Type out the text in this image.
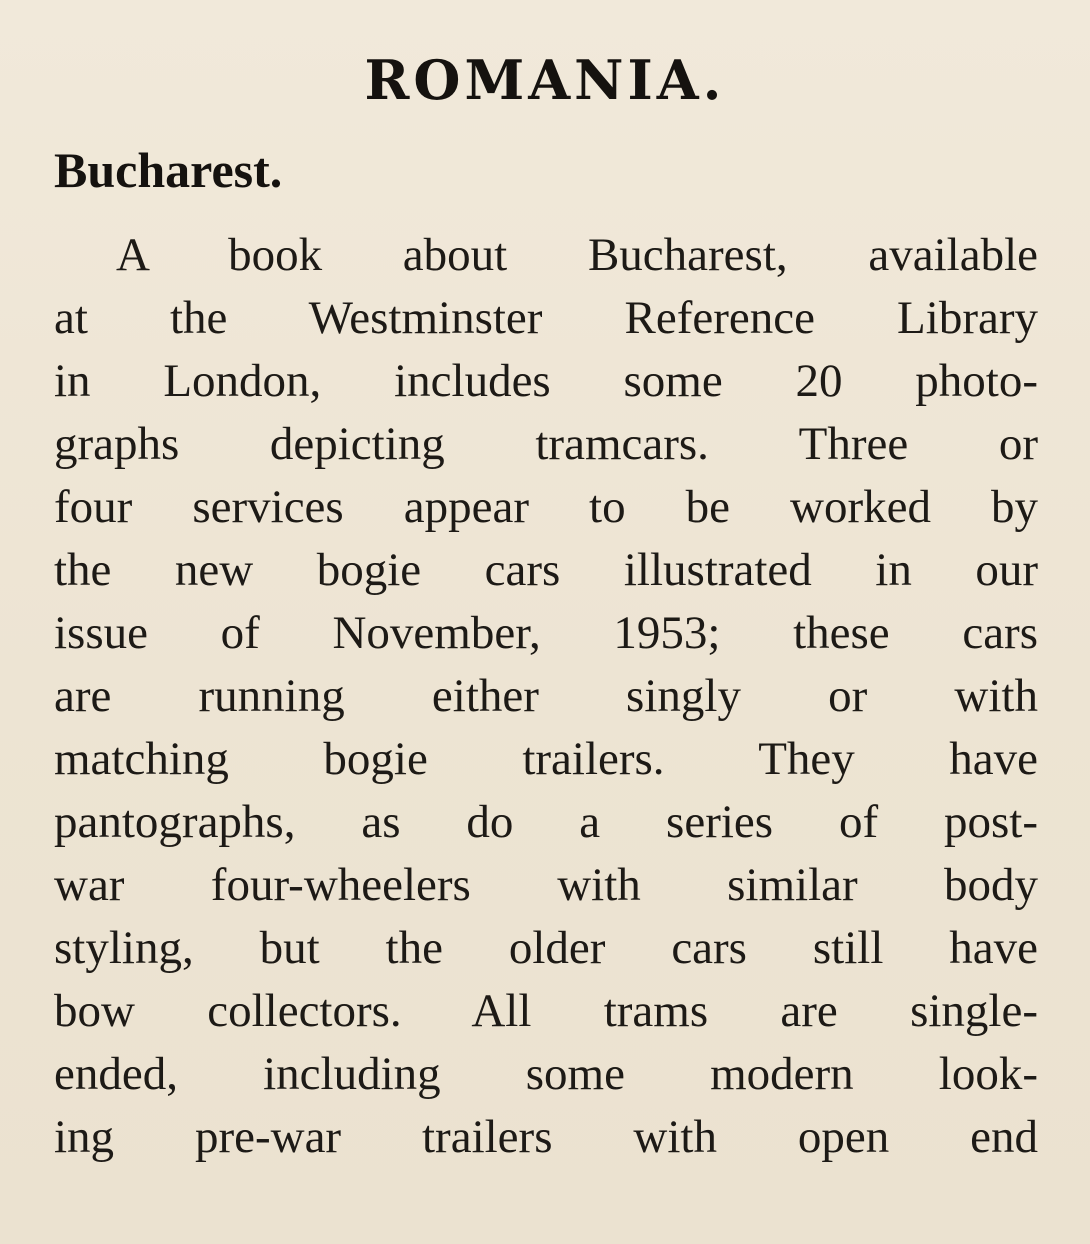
ROMANIA.
Bucharest.
A book about Bucharest, available
at the Westminster Reference Library
in London, includes some 20 photo-
graphs depicting tramcars. Three or
four services appear to be worked by
the new bogie cars illustrated in our
issue of November, 1953; these cars
are running either singly or with
matching bogie trailers. They have
pantographs, as do a series of post-
war four-wheelers with similar body
styling, but the older cars still have
bow collectors. All trams are single-
ended, including some modern look-
ing pre-war trailers with open end
